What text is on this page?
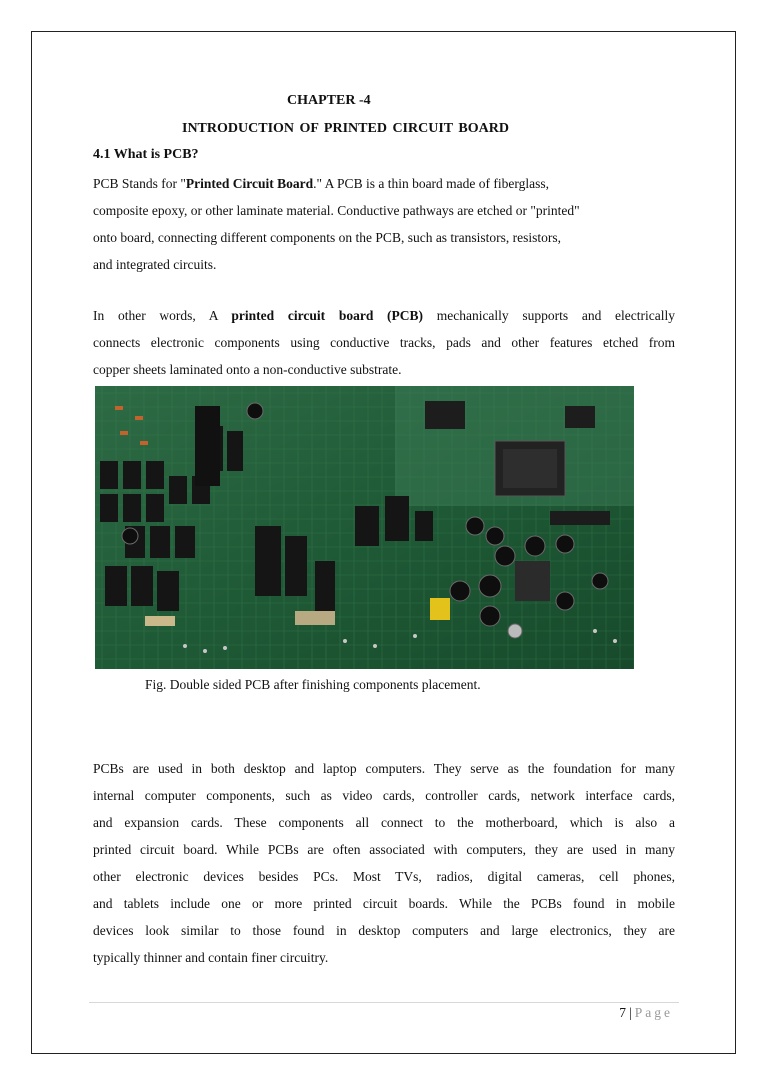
CHAPTER -4
INTRODUCTION OF PRINTED CIRCUIT BOARD
4.1 What is PCB?
PCB Stands for "Printed Circuit Board." A PCB is a thin board made of fiberglass,
composite epoxy, or other laminate material. Conductive pathways are etched or "printed"
onto board, connecting different components on the PCB, such as transistors, resistors,
and integrated circuits.
In other words, A printed circuit board (PCB) mechanically supports and electrically
connects electronic components using conductive tracks, pads and other features etched from
copper sheets laminated onto a non-conductive substrate.
Fig. Double sided PCB after finishing components placement.
PCBs are used in both desktop and laptop computers. They serve as the foundation for many
internal computer components, such as video cards, controller cards, network interface cards,
and expansion cards. These components all connect to the motherboard, which is also a
printed circuit board. While PCBs are often associated with computers, they are used in many
other electronic devices besides PCs. Most TVs, radios, digital cameras, cell phones,
and tablets include one or more printed circuit boards. While the PCBs found in mobile
devices look similar to those found in desktop computers and large electronics, they are
typically thinner and contain finer circuitry.
7 | Page
